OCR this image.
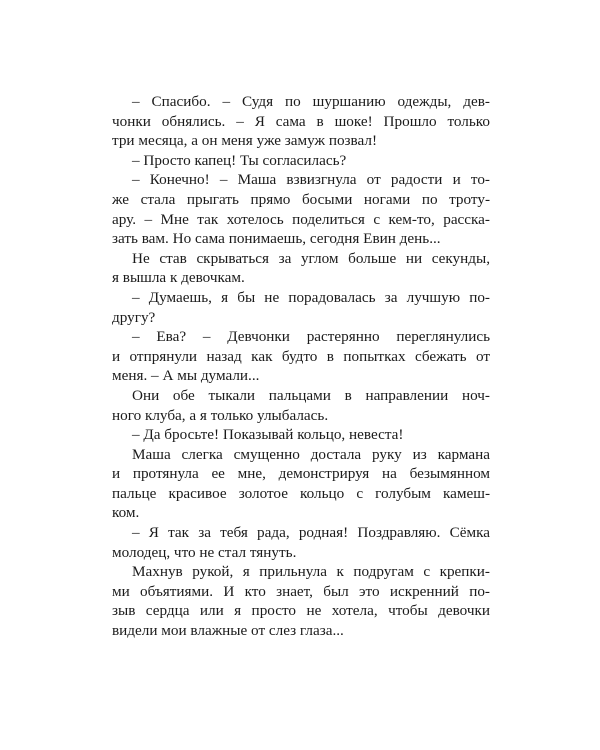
– Спасибо. – Судя по шуршанию одежды, дев-
чонки обнялись. – Я сама в шоке! Прошло только
три месяца, а он меня уже замуж позвал!
– Просто капец! Ты согласилась?
– Конечно! – Маша взвизгнула от радости и то-
же стала прыгать прямо босыми ногами по троту-
ару. – Мне так хотелось поделиться с кем-то, расска-
зать вам. Но сама понимаешь, сегодня Евин день...
Не став скрываться за углом больше ни секунды,
я вышла к девочкам.
– Думаешь, я бы не порадовалась за лучшую по-
другу?
– Ева? – Девчонки растерянно переглянулись
и отпрянули назад как будто в попытках сбежать от
меня. – А мы думали...
Они обе тыкали пальцами в направлении ноч-
ного клуба, а я только улыбалась.
– Да бросьте! Показывай кольцо, невеста!
Маша слегка смущенно достала руку из кармана
и протянула ее мне, демонстрируя на безымянном
пальце красивое золотое кольцо с голубым камеш-
ком.
– Я так за тебя рада, родная! Поздравляю. Сёмка
молодец, что не стал тянуть.
Махнув рукой, я прильнула к подругам с крепки-
ми объятиями. И кто знает, был это искренний по-
зыв сердца или я просто не хотела, чтобы девочки
видели мои влажные от слез глаза...
